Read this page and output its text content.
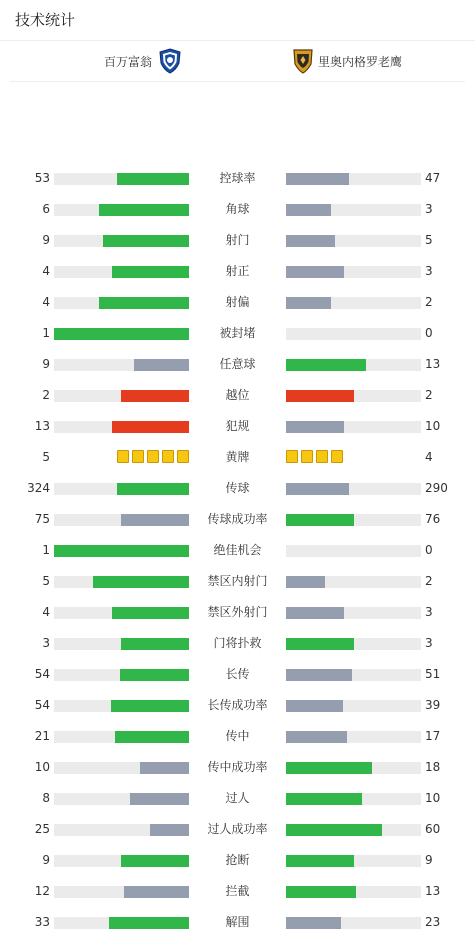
技术统计
百万富翁	里奥内格罗老鹰
53	控球率	47
6	角球	3
9	射门	5
4	射正	3
4	射偏	2
1	被封堵	0
9	任意球	13
2	越位	2
13	犯规	10
5	黄牌	4
324	传球	290
75	传球成功率	76
1	绝佳机会	0
5	禁区内射门	2
4	禁区外射门	3
3	门将扑救	3
54	长传	51
54	长传成功率	39
21	传中	17
10	传中成功率	18
8	过人	10
25	过人成功率	60
9	抢断	9
12	拦截	13
33	解围	23
